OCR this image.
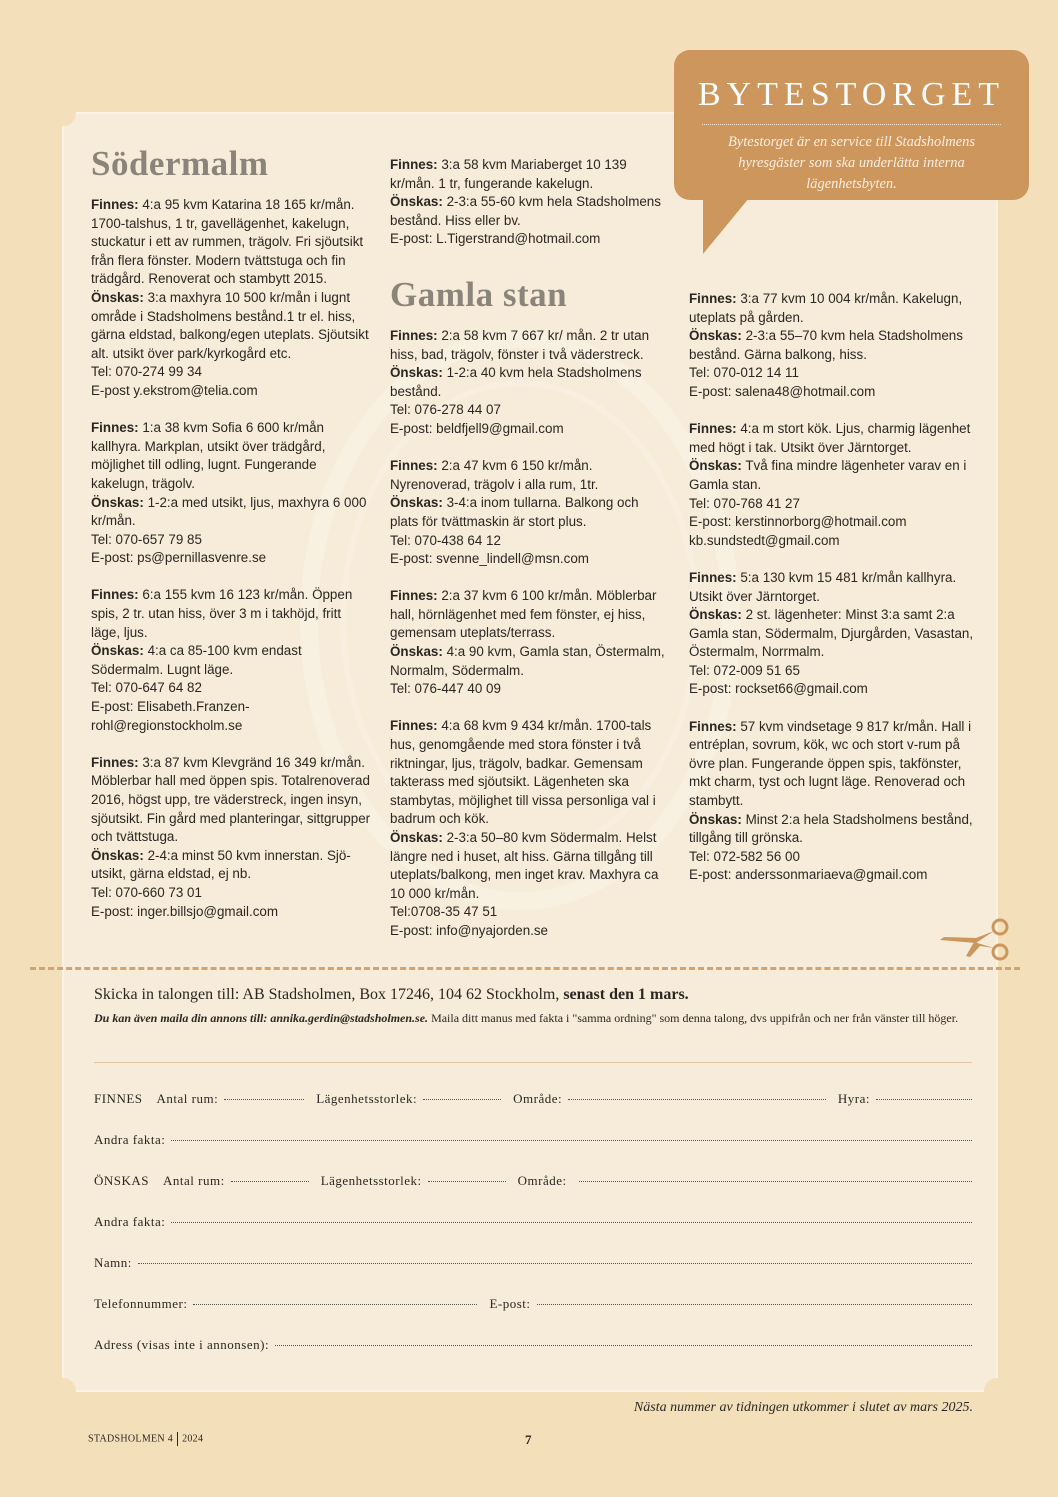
Södermalm

Finnes: 4:a 95 kvm Katarina 18 165 kr/mån. 1700-talshus, 1 tr, gavellägenhet, kakelugn, stuckatur i ett av rummen, trägolv. Fri sjöutsikt från flera fönster. Modern tvättstuga och fin trädgård. Renoverat och stambytt 2015.

Önskas: 3:a maxhyra 10 500 kr/mån i lugnt område i Stadsholmens bestånd.1 tr el. hiss, gärna eldstad, balkong/egen uteplats. Sjöutsikt alt. utsikt över park/kyrkogård etc.

Tel: 070-274 99 34

E-post y.ekstrom@telia.com

Finnes: 1:a 38 kvm Sofia 6 600 kr/mån kallhyra. Markplan, utsikt över trädgård, möjlighet till odling, lugnt. Fungerande kakelugn, trägolv.

Önskas: 1-2:a med utsikt, ljus, maxhyra 6 000 kr/mån.

Tel: 070-657 79 85

E-post: ps@pernillasvenre.se

Finnes: 6:a 155 kvm 16 123 kr/mån. Öppen spis, 2 tr. utan hiss, över 3 m i takhöjd, fritt läge, ljus.

Önskas: 4:a ca 85-100 kvm endast Södermalm. Lugnt läge.

Tel: 070-647 64 82

E-post: Elisabeth.Franzen-rohl@regionstockholm.se

Finnes: 3:a 87 kvm Klevgränd 16 349 kr/mån. Möblerbar hall med öppen spis. Totalrenoverad 2016, högst upp, tre väderstreck, ingen insyn, sjöutsikt. Fin gård med planteringar, sittgrupper och tvättstuga.

Önskas: 2-4:a minst 50 kvm innerstan. Sjö-utsikt, gärna eldstad, ej nb.

Tel: 070-660 73 01

E-post: inger.billsjo@gmail.com

Finnes: 3:a 58 kvm Mariaberget 10 139 kr/mån. 1 tr, fungerande kakelugn.

Önskas: 2-3:a 55-60 kvm hela Stadsholmens bestånd. Hiss eller bv.

E-post: L.Tigerstrand@hotmail.com

Gamla stan

Finnes: 2:a 58 kvm 7 667 kr/ mån. 2 tr utan hiss, bad, trägolv, fönster i två väderstreck.

Önskas: 1-2:a 40 kvm hela Stadsholmens bestånd.

Tel: 076-278 44 07

E-post: beldfjell9@gmail.com

Finnes: 2:a 47 kvm 6 150 kr/mån. Nyrenoverad, trägolv i alla rum, 1tr.

Önskas: 3-4:a inom tullarna. Balkong och plats för tvättmaskin är stort plus.

Tel: 070-438 64 12

E-post: svenne_lindell@msn.com

Finnes: 2:a 37 kvm 6 100 kr/mån. Möblerbar hall, hörnlägenhet med fem fönster, ej hiss, gemensam uteplats/terrass.

Önskas: 4:a 90 kvm, Gamla stan, Östermalm, Normalm, Södermalm.

Tel: 076-447 40 09

Finnes: 4:a 68 kvm 9 434 kr/mån. 1700-tals hus, genomgående med stora fönster i två riktningar, ljus, trägolv, badkar. Gemensam takterass med sjöutsikt. Lägenheten ska stambytas, möjlighet till vissa personliga val i badrum och kök.

Önskas: 2-3:a 50–80 kvm Södermalm. Helst längre ned i huset, alt hiss. Gärna tillgång till uteplats/balkong, men inget krav. Maxhyra ca 10 000 kr/mån.

Tel:0708-35 47 51

E-post: info@nyajorden.se

Finnes: 3:a 77 kvm 10 004 kr/mån. Kakelugn, uteplats på gården.

Önskas: 2-3:a 55–70 kvm hela Stadsholmens bestånd. Gärna balkong, hiss.

Tel: 070-012 14 11

E-post: salena48@hotmail.com

Finnes: 4:a m stort kök. Ljus, charmig lägenhet med högt i tak. Utsikt över Järntorget.

Önskas: Två fina mindre lägenheter varav en i Gamla stan.

Tel: 070-768 41 27

E-post: kerstinnorborg@hotmail.com

kb.sundstedt@gmail.com

Finnes: 5:a 130 kvm 15 481 kr/mån kallhyra. Utsikt över Järntorget.

Önskas: 2 st. lägenheter: Minst 3:a samt 2:a Gamla stan, Södermalm, Djurgården, Vasastan, Östermalm, Norrmalm.

Tel: 072-009 51 65

E-post: rockset66@gmail.com

Finnes: 57 kvm vindsetage 9 817 kr/mån. Hall i entréplan, sovrum, kök, wc och stort v-rum på övre plan. Fungerande öppen spis, takfönster, mkt charm, tyst och lugnt läge. Renoverad och stambytt.

Önskas: Minst 2:a hela Stadsholmens bestånd, tillgång till grönska.

Tel: 072-582 56 00

E-post: anderssonmariaeva@gmail.com

BYTESTORGET
Bytestorget är en service till Stadsholmens hyresgäster som ska underlätta interna lägenhetsbyten.
Skicka in talongen till: AB Stadsholmen, Box 17246, 104 62 Stockholm, senast den 1 mars.
Du kan även maila din annons till: annika.gerdin@stadsholmen.se. Maila ditt manus med fakta i "samma ordning" som denna talong, dvs uppifrån och ner från vänster till höger.
FINNES Antal rum:	Lägenhetsstorlek:	Område:	Hyra:
Andra fakta:
ÖNSKAS Antal rum:	Lägenhetsstorlek:	Område:
Andra fakta:
Namn:
Telefonnummer:	E-post:
Adress (visas inte i annonsen):
Nästa nummer av tidningen utkommer i slutet av mars 2025.
STADSHOLMEN 4 2024	7
